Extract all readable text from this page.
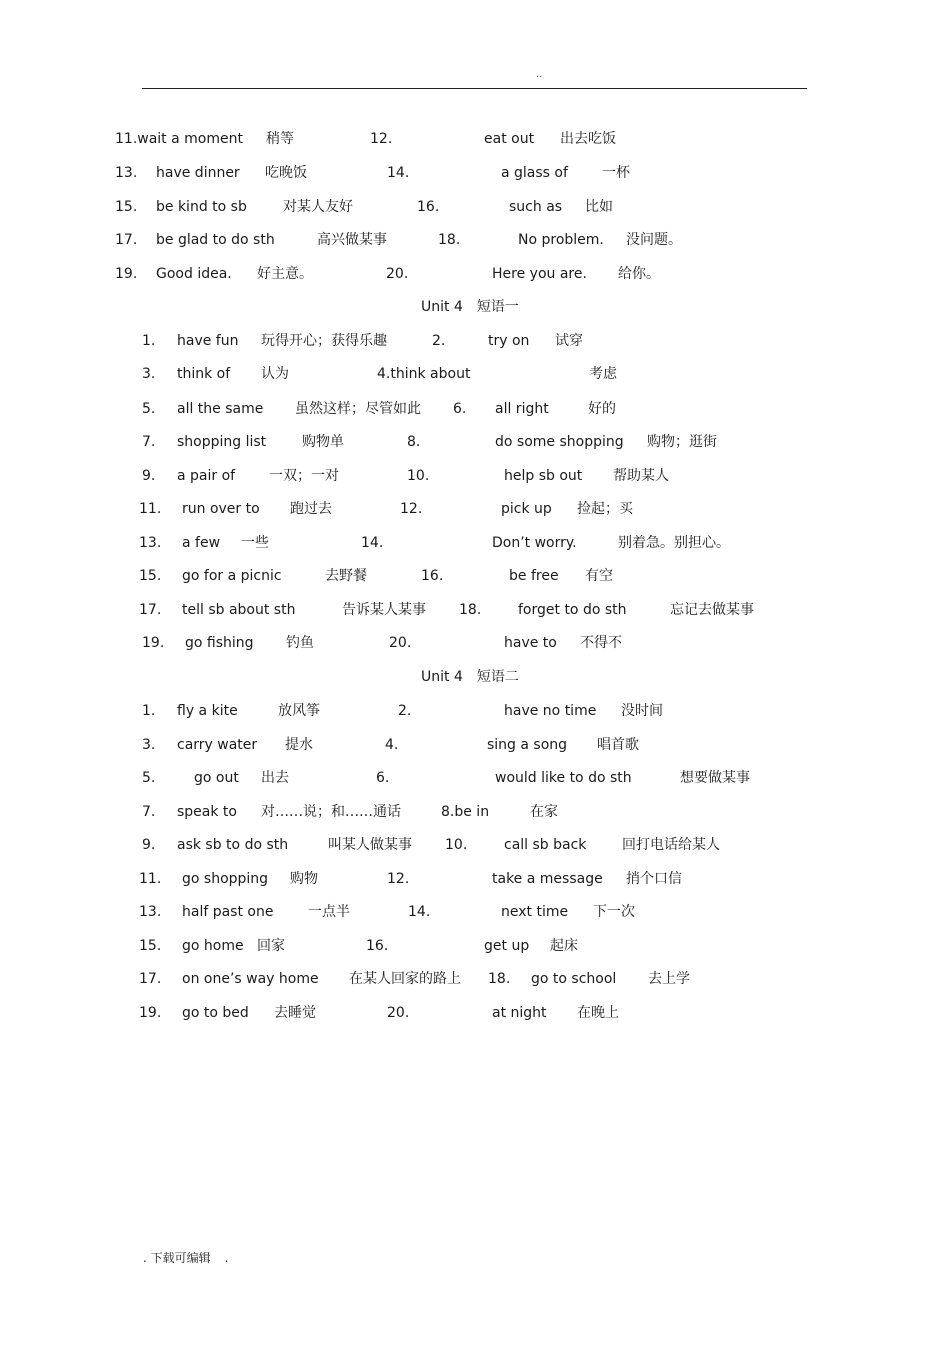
··
Unit 4　短语一
Unit 4　短语二
11.wait a moment 稍等	12.	eat out 出去吃饭
13. have dinner 吃晚饭	14.	a glass of 一杯
15. be kind to sb	对某人友好	16.	such as 比如
17. be glad to do sth	高兴做某事	18.	No problem. 没问题。
19. Good idea. 好主意。	20.	Here you are. 给你。
1. have fun 玩得开心；获得乐趣	2.	try on 试穿
3. think of 认为	4.think about	考虑
5. all the same 虽然这样；尽管如此 6. all right	好的
7. shopping list	购物单	8.	do some shopping 购物；逛街
9. a pair of 一双；一对	10.	help sb out 帮助某人
11. run over to 跑过去	12.	pick up 捡起；买
13. a few 一些	14.	Don’t worry.	别着急。别担心。
15. go for a picnic	去野餐	16.	be free 有空
17. tell sb about sth	告诉某人某事 18.	forget to do sth	忘记去做某事
19. go fishing 钓鱼	20.	have to 不得不
1. fly a kite	放风筝	2.	have no time 没时间
3. carry water 提水	4.	sing a song 唱首歌
5.	go out 出去	6.	would like to do sth	想要做某事
7. speak to 对……说；和……通话	8.be in	在家
9. ask sb to do sth	叫某人做某事 10.	call sb back	回打电话给某人
11. go shopping 购物	12.	take a message 捎个口信
13. half past one 一点半	14.	next time 下一次
15. go home 回家	16.	get up 起床
17. on one’s way home 在某人回家的路上 18. go to school 去上学
19. go to bed 去睡觉	20.	at night 在晚上
. 下载可编辑 .
